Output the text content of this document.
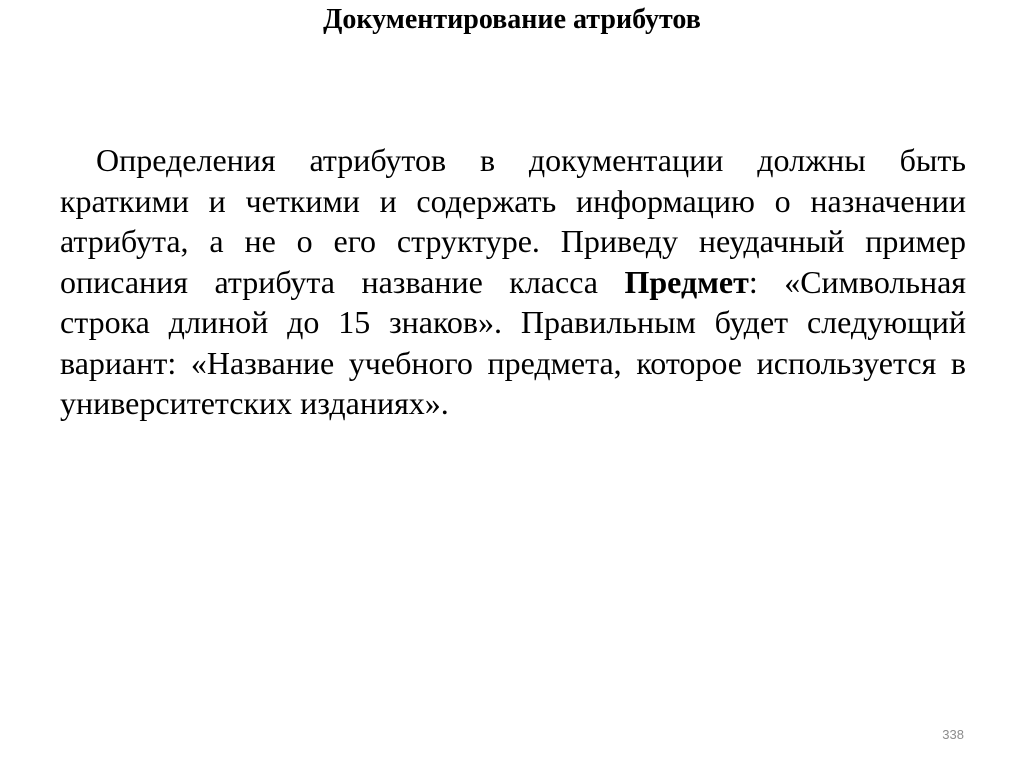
Документирование атрибутов

Определения атрибутов в документации должны быть краткими и четкими и содержать информацию о назначении атрибута, а не о его структуре. Приведу неудачный пример описания атрибута название класса Предмет: «Символьная строка длиной до 15 знаков». Правильным будет следующий вариант: «Название учебного предмета, которое используется в университетских изданиях».

338
